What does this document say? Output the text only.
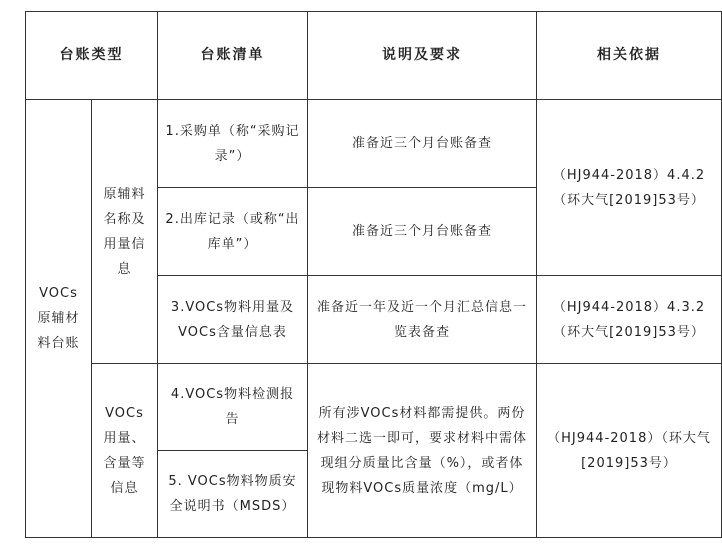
台账类型		台账清单	说明及要求	相关依据
VOCs原辅材料台账	原辅料名称及用量信息	1.采购单（称“采购记录”）	准备近三个月台账备查	（HJ944-2018）4.4.2（环大气[2019]53号）
		2.出库记录（或称“出库单”）	准备近三个月台账备查	
		3.VOCs物料用量及VOCs含量信息表	准备近一年及近一个月汇总信息一览表备查	（HJ944-2018）4.3.2（环大气[2019]53号）
	VOCs用量、含量等信息	4.VOCs物料检测报告	所有涉VOCs材料都需提供。两份材料二选一即可，要求材料中需体现组分质量比含量（%），或者体现物料VOCs质量浓度（mg/L）	（HJ944-2018）（环大气[2019]53号）
		5. VOCs物料物质安全说明书（MSDS）		
